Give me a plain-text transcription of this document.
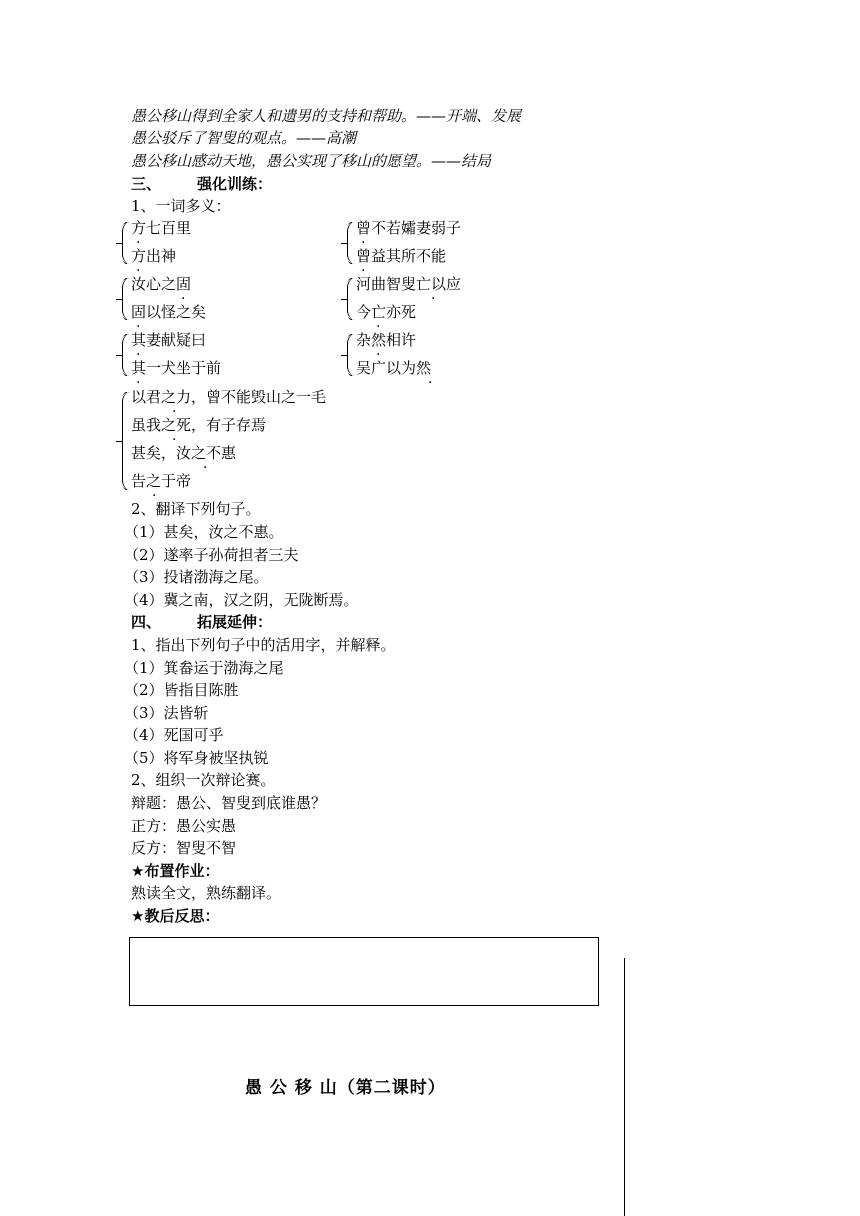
愚公移山得到全家人和遗男的支持和帮助。——开端、发展
愚公驳斥了智叟的观点。——高潮
愚公移山感动天地，愚公实现了移山的愿望。——结局
三、 强化训练：
1、一词多义：
方七百里
方出神
·
·
汝心之固
固以怪之矣
·
·
其妻献疑曰
其一犬坐于前
·
·
曾不若孀妻弱子
曾益其所不能
·
·
河曲智叟亡以应
今亡亦死
·
·
杂然相许
吴广以为然
·
·
以君之力，曾不能毁山之一毛
虽我之死，有子存焉
甚矣，汝之不惠
告之于帝
·
·
·
·
2、翻译下列句子。
（1）甚矣，汝之不惠。
（2）遂率子孙荷担者三夫
（3）投诸渤海之尾。
（4）冀之南，汉之阴，无陇断焉。
四、 拓展延伸：
1、指出下列句子中的活用字，并解释。
（1）箕畚运于渤海之尾
（2）皆指目陈胜
（3）法皆斩
（4）死国可乎
（5）将军身被坚执锐
2、组织一次辩论赛。
辩题：愚公、智叟到底谁愚？
正方：愚公实愚
反方：智叟不智
★布置作业：
熟读全文，熟练翻译。
★教后反思：
愚 公 移 山（第二课时）
